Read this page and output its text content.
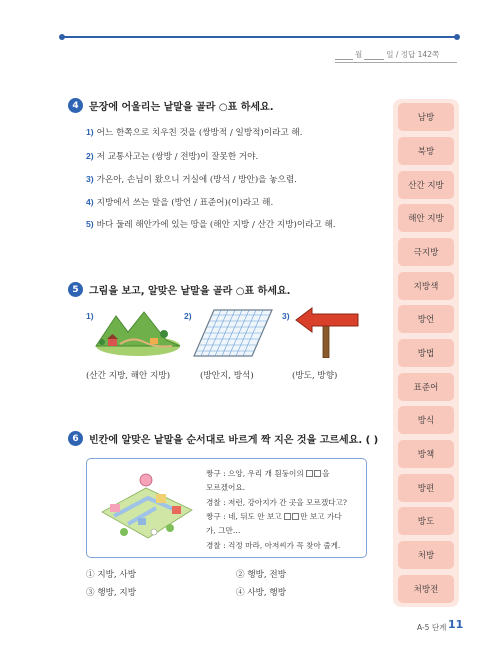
월	일 / 정답 142쪽
4	문장에 어울리는 낱말을 골라 ○표 하세요.
1) 어느 한쪽으로 치우친 것을 (쌍방적 / 일방적)이라고 해.
2) 저 교통사고는 (쌍방 / 전방)이 잘못한 거야.
3) 가온아, 손님이 왔으니 거실에 (방석 / 방안)을 놓으렴.
4) 지방에서 쓰는 말을 (방언 / 표준어)(이)라고 해.
5) 바다 둘레 해안가에 있는 땅을 (해안 지방 / 산간 지방)이라고 해.
5	그림을 보고, 알맞은 낱말을 골라 ○표 하세요.
1)
(산간 지방, 해안 지방)
2)
(방안지, 방석)
3)
(방도, 방향)
6	빈칸에 알맞은 낱말을 순서대로 바르게 짝 지은 것을 고르세요. ( )
짱구 : 으앙, 우리 개 흰둥이의 을
모르겠어요.
경찰 : 저런, 강아지가 간 곳을 모르겠다고?
짱구 : 네, 뒤도 안 보고 만 보고 가다
가, 그만…
경찰 : 걱정 마라, 아저씨가 꼭 찾아 줄게.
① 지방, 사방	② 행방, 전방
③ 행방, 지방	④ 사방, 행방
남방
북방
산간 지방
해안 지방
극지방
지방색
방언
방법
표준어
방식
방책
방편
방도
처방
처방전
A-5 단계 11
